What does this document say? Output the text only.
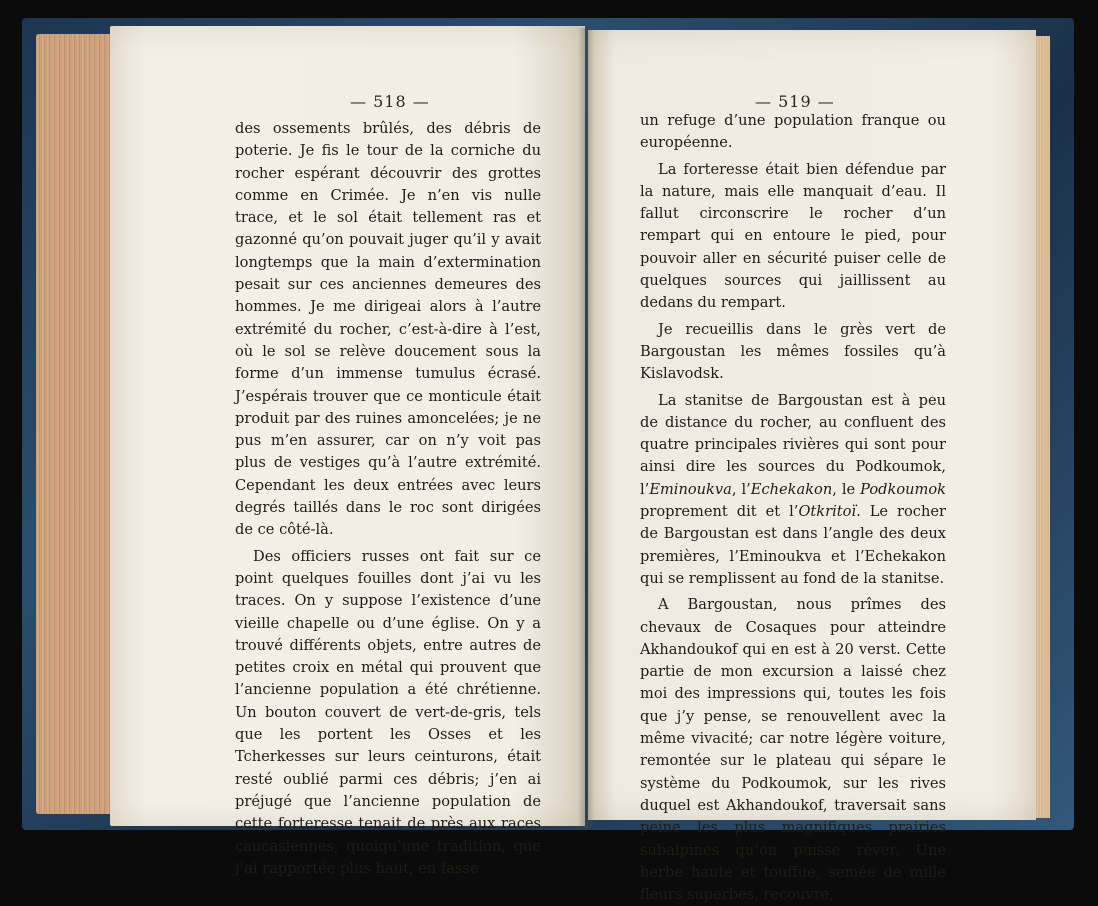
— 518 —	— 519 —

des ossements brûlés, des débris de poterie. Je fis le tour de la corniche du rocher espérant découvrir des grottes comme en Crimée. Je n’en vis nulle trace, et le sol était tellement ras et gazonné qu’on pouvait juger qu’il y avait longtemps que la main d’extermination pesait sur ces anciennes demeures des hommes. Je me dirigeai alors à l’autre extrémité du rocher, c’est-à-dire à l’est, où le sol se relève doucement sous la forme d’un immense tumulus écrasé. J’espérais trouver que ce monticule était produit par des ruines amoncelées; je ne pus m’en assurer, car on n’y voit pas plus de vestiges qu’à l’autre extrémité. Cependant les deux entrées avec leurs degrés taillés dans le roc sont dirigées de ce côté-là.

Des officiers russes ont fait sur ce point quelques fouilles dont j’ai vu les traces. On y suppose l’existence d’une vieille chapelle ou d’une église. On y a trouvé différents objets, entre autres de petites croix en métal qui prouvent que l’ancienne population a été chrétienne. Un bouton couvert de vert-de-gris, tels que les portent les Osses et les Tcherkesses sur leurs ceinturons, était resté oublié parmi ces débris; j’en ai préjugé que l’ancienne population de cette forteresse tenait de près aux races caucasiennes, quoiqu’une tradition, que j’ai rapportée plus haut, en fasse

un refuge d’une population franque ou européenne.

La forteresse était bien défendue par la nature, mais elle manquait d’eau. Il fallut circonscrire le rocher d’un rempart qui en entoure le pied, pour pouvoir aller en sécurité puiser celle de quelques sources qui jaillissent au dedans du rempart.

Je recueillis dans le grès vert de Bargoustan les mêmes fossiles qu’à Kislavodsk.

La stanitse de Bargoustan est à peu de distance du rocher, au confluent des quatre principales rivières qui sont pour ainsi dire les sources du Podkoumok, l’Eminoukva, l’Echekakon, le Podkoumok proprement dit et l’Otkritoï. Le rocher de Bargoustan est dans l’angle des deux premières, l’Eminoukva et l’Echekakon qui se remplissent au fond de la stanitse.

A Bargoustan, nous prîmes des chevaux de Cosaques pour atteindre Akhandoukof qui en est à 20 verst. Cette partie de mon excursion a laissé chez moi des impressions qui, toutes les fois que j’y pense, se renouvellent avec la même vivacité; car notre légère voiture, remontée sur le plateau qui sépare le système du Podkoumok, sur les rives duquel est Akhandoukof, traversait sans peine les plus magnifiques prairies subalpines qu’on puisse rêver. Une herbe haute et touffue, semée de mille fleurs superbes, recouvre,
